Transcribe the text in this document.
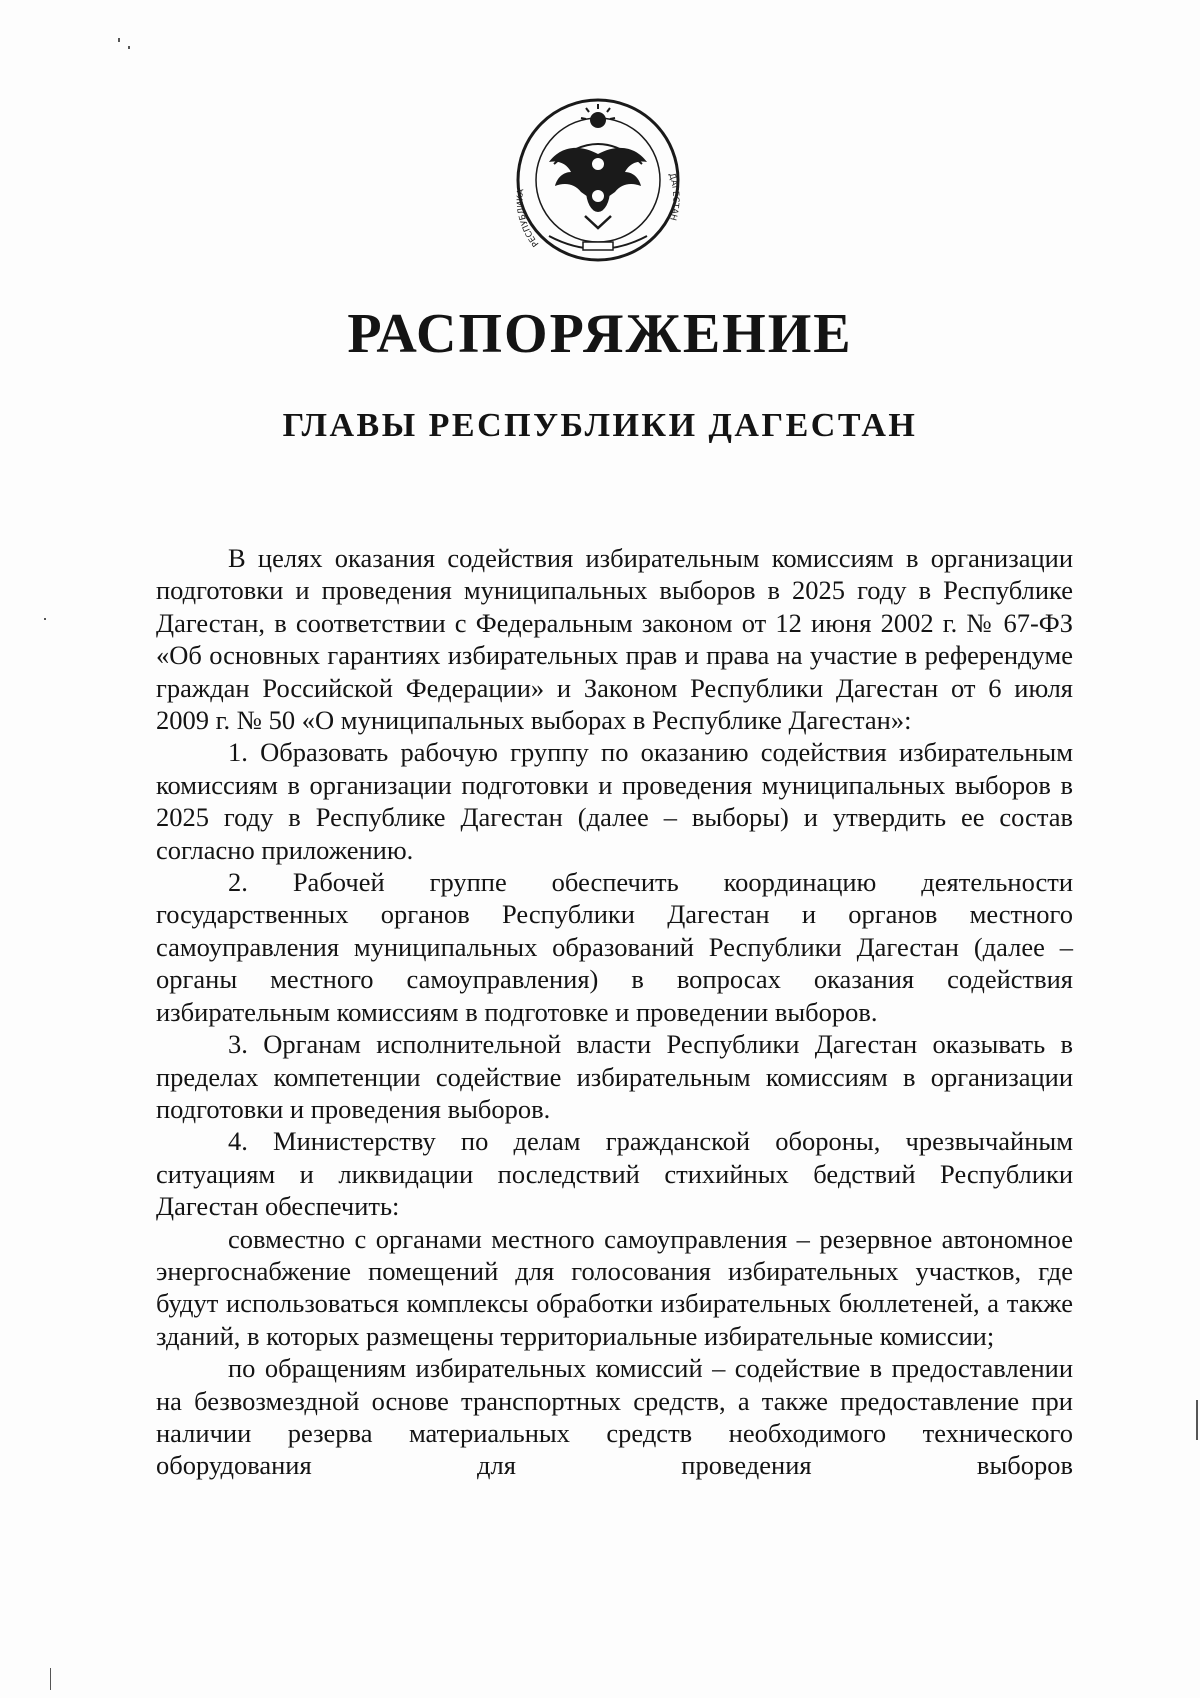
РЕСПУБЛИКА
ДАГЕСТАН
РАСПОРЯЖЕНИЕ
ГЛАВЫ РЕСПУБЛИКИ ДАГЕСТАН

В целях оказания содействия избирательным комиссиям в организации подготовки и проведения муниципальных выборов в 2025 году в Республике Дагестан, в соответствии с Федеральным законом от 12 июня 2002 г. № 67-ФЗ «Об основных гарантиях избирательных прав и права на участие в референдуме граждан Российской Федерации» и Законом Республики Дагестан от 6 июля 2009 г. № 50 «О муниципальных выборах в Республике Дагестан»:

1. Образовать рабочую группу по оказанию содействия избирательным комиссиям в организации подготовки и проведения муниципальных выборов в 2025 году в Республике Дагестан (далее – выборы) и утвердить ее состав согласно приложению.

2. Рабочей группе обеспечить координацию деятельности государственных органов Республики Дагестан и органов местного самоуправления муниципальных образований Республики Дагестан (далее – органы местного самоуправления) в вопросах оказания содействия избирательным комиссиям в подготовке и проведении выборов.

3. Органам исполнительной власти Республики Дагестан оказывать в пределах компетенции содействие избирательным комиссиям в организации подготовки и проведения выборов.

4. Министерству по делам гражданской обороны, чрезвычайным ситуациям и ликвидации последствий стихийных бедствий Республики Дагестан обеспечить:

совместно с органами местного самоуправления – резервное автономное энергоснабжение помещений для голосования избирательных участков, где будут использоваться комплексы обработки избирательных бюллетеней, а также зданий, в которых размещены территориальные избирательные комиссии;

по обращениям избирательных комиссий – содействие в предоставлении на безвозмездной основе транспортных средств, а также предоставление при наличии резерва материальных средств необходимого технического оборудования для проведения выборов
